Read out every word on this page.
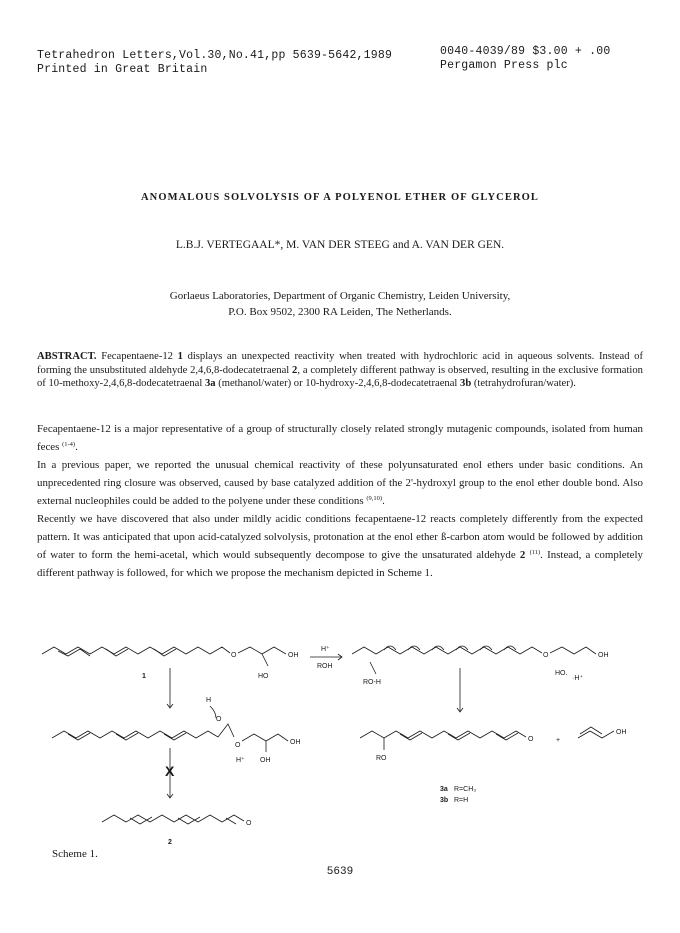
Tetrahedron Letters,Vol.30,No.41,pp 5639-5642,1989
Printed in Great Britain
0040-4039/89 $3.00 + .00
Pergamon Press plc
ANOMALOUS SOLVOLYSIS OF A POLYENOL ETHER OF GLYCEROL
L.B.J. VERTEGAAL*, M. VAN DER STEEG and A. VAN DER GEN.
Gorlaeus Laboratories, Department of Organic Chemistry, Leiden University,
P.O. Box 9502, 2300 RA Leiden, The Netherlands.
ABSTRACT. Fecapentaene-12 1 displays an unexpected reactivity when treated with hydrochloric acid in aqueous solvents. Instead of forming the unsubstituted aldehyde 2,4,6,8-dodecatetraenal 2, a completely different pathway is observed, resulting in the exclusive formation of 10-methoxy-2,4,6,8-dodecatetraenal 3a (methanol/water) or 10-hydroxy-2,4,6,8-dodecatetraenal 3b (tetrahydrofuran/water).

Fecapentaene-12 is a major representative of a group of structurally closely related strongly mutagenic compounds, isolated from human feces $^{(1-4)}$.

In a previous paper, we reported the unusual chemical reactivity of these polyunsaturated enol ethers under basic conditions. An unprecedented ring closure was observed, caused by base catalyzed addition of the 2'-hydroxyl group to the enol ether double bond. Also external nucleophiles could be added to the polyene under these conditions $^{(9,10)}$.

Recently we have discovered that also under mildly acidic conditions fecapentaene-12 reacts completely differently from the expected pattern. It was anticipated that upon acid-catalyzed solvolysis, protonation at the enol ether ß-carbon atom would be followed by addition of water to form the hemi-acetal, which would subsequently decompose to give the unsaturated aldehyde 2 $^{(11)}$. Instead, a completely different pathway is followed, for which we propose the mechanism depicted in Scheme 1.

O	OH
HO
1
H⁺
ROH
O	OH
HO.
·H⁺
RO-H
H
O
O	OH
OH
H⁺
X
O
2
O
RO
+
OH
3a R=CH₃
3b R=H
Scheme 1.
5639
